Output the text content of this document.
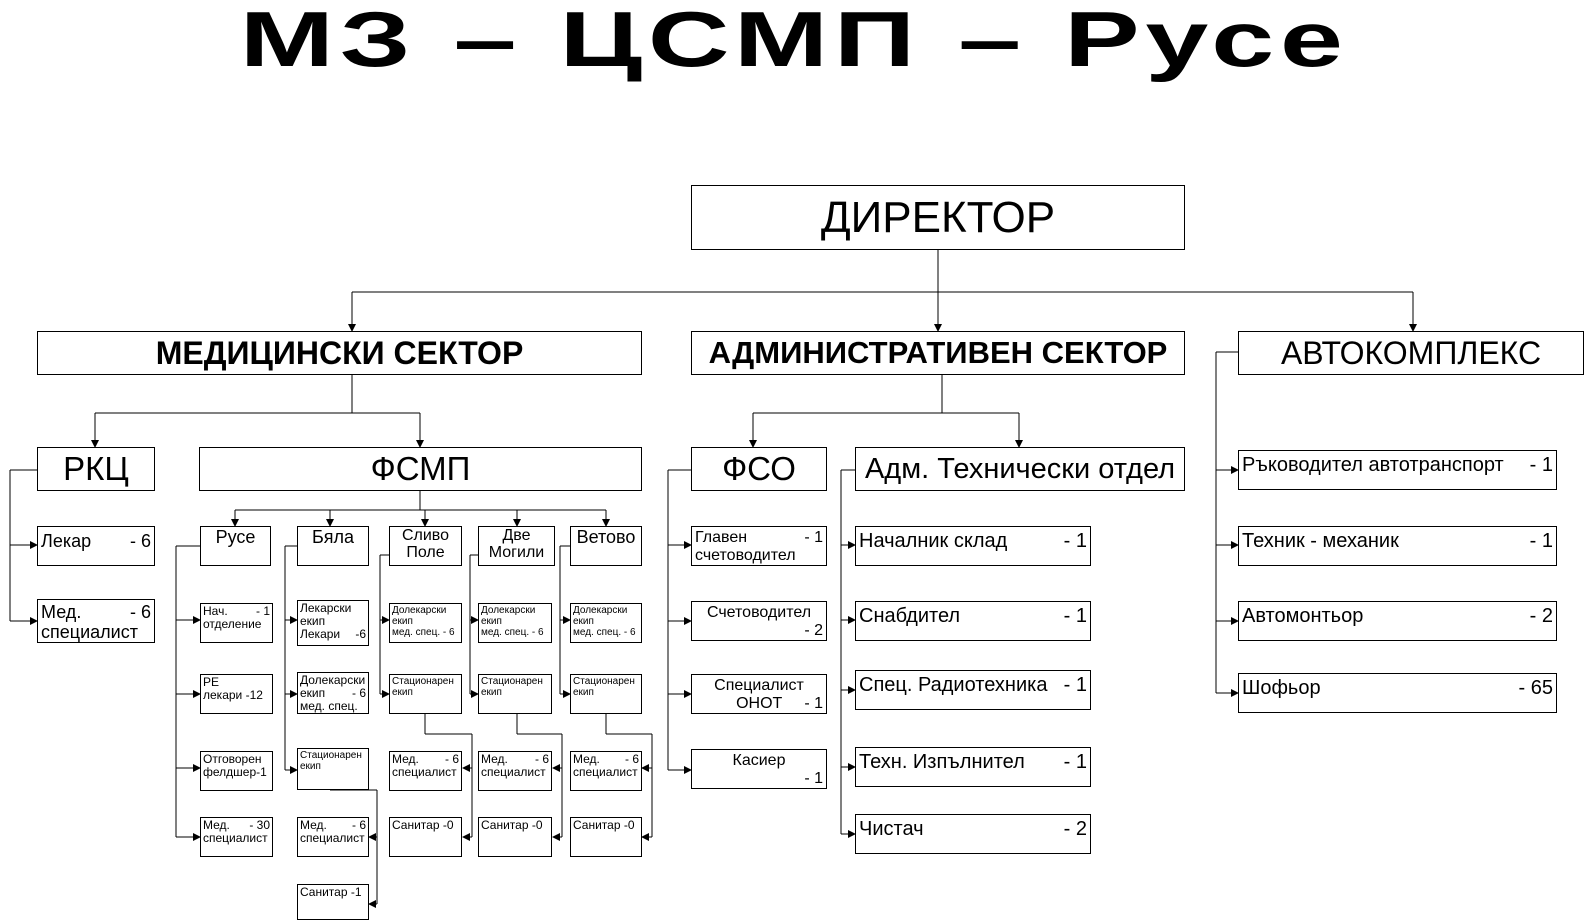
МЗ – ЦСМП – Русе
ДИРЕКТОР
МЕДИЦИНСКИ СЕКТОР	АДМИНИСТРАТИВЕН СЕКТОР	АВТОКОМПЛЕКС
РКЦ
Лекар - 6
Мед.	- 6
специалист
ФСМП
Русе	Бяла	Сливо
Поле
Две
Могили
Ветово
Нач. - 1
отделение
РЕ
лекари -12
Отговорен
фелдшер-1
Мед. - 30
специалист
Лекарски
екип
Лекари -6
Долекарски
екип - 6
мед. спец.
Стационарен
екип
Мед. - 6
специалист
Санитар -1
Долекарски
екип
мед. спец. - 6
Стационарен
екип
Мед. - 6
специалист
Санитар -0
Долекарски
екип
мед. спец. - 6
Стационарен
екип
Мед. - 6
специалист
Санитар -0
Долекарски
екип
мед. спец. - 6
Стационарен
екип
Мед. - 6
специалист
Санитар -0
ФСО
Главен	- 1
счетоводител
Счетоводител
- 2
Специалист
ОНОТ - 1
Касиер
- 1
Адм. Технически отдел
Началник склад	- 1
Снабдител	- 1
Спец. Радиотехника - 1
Техн. Изпълнител - 1
Чистач	- 2
Ръководител автотранспорт - 1
Техник - механик	- 1
Автомонтьор	- 2
Шофьор	- 65
